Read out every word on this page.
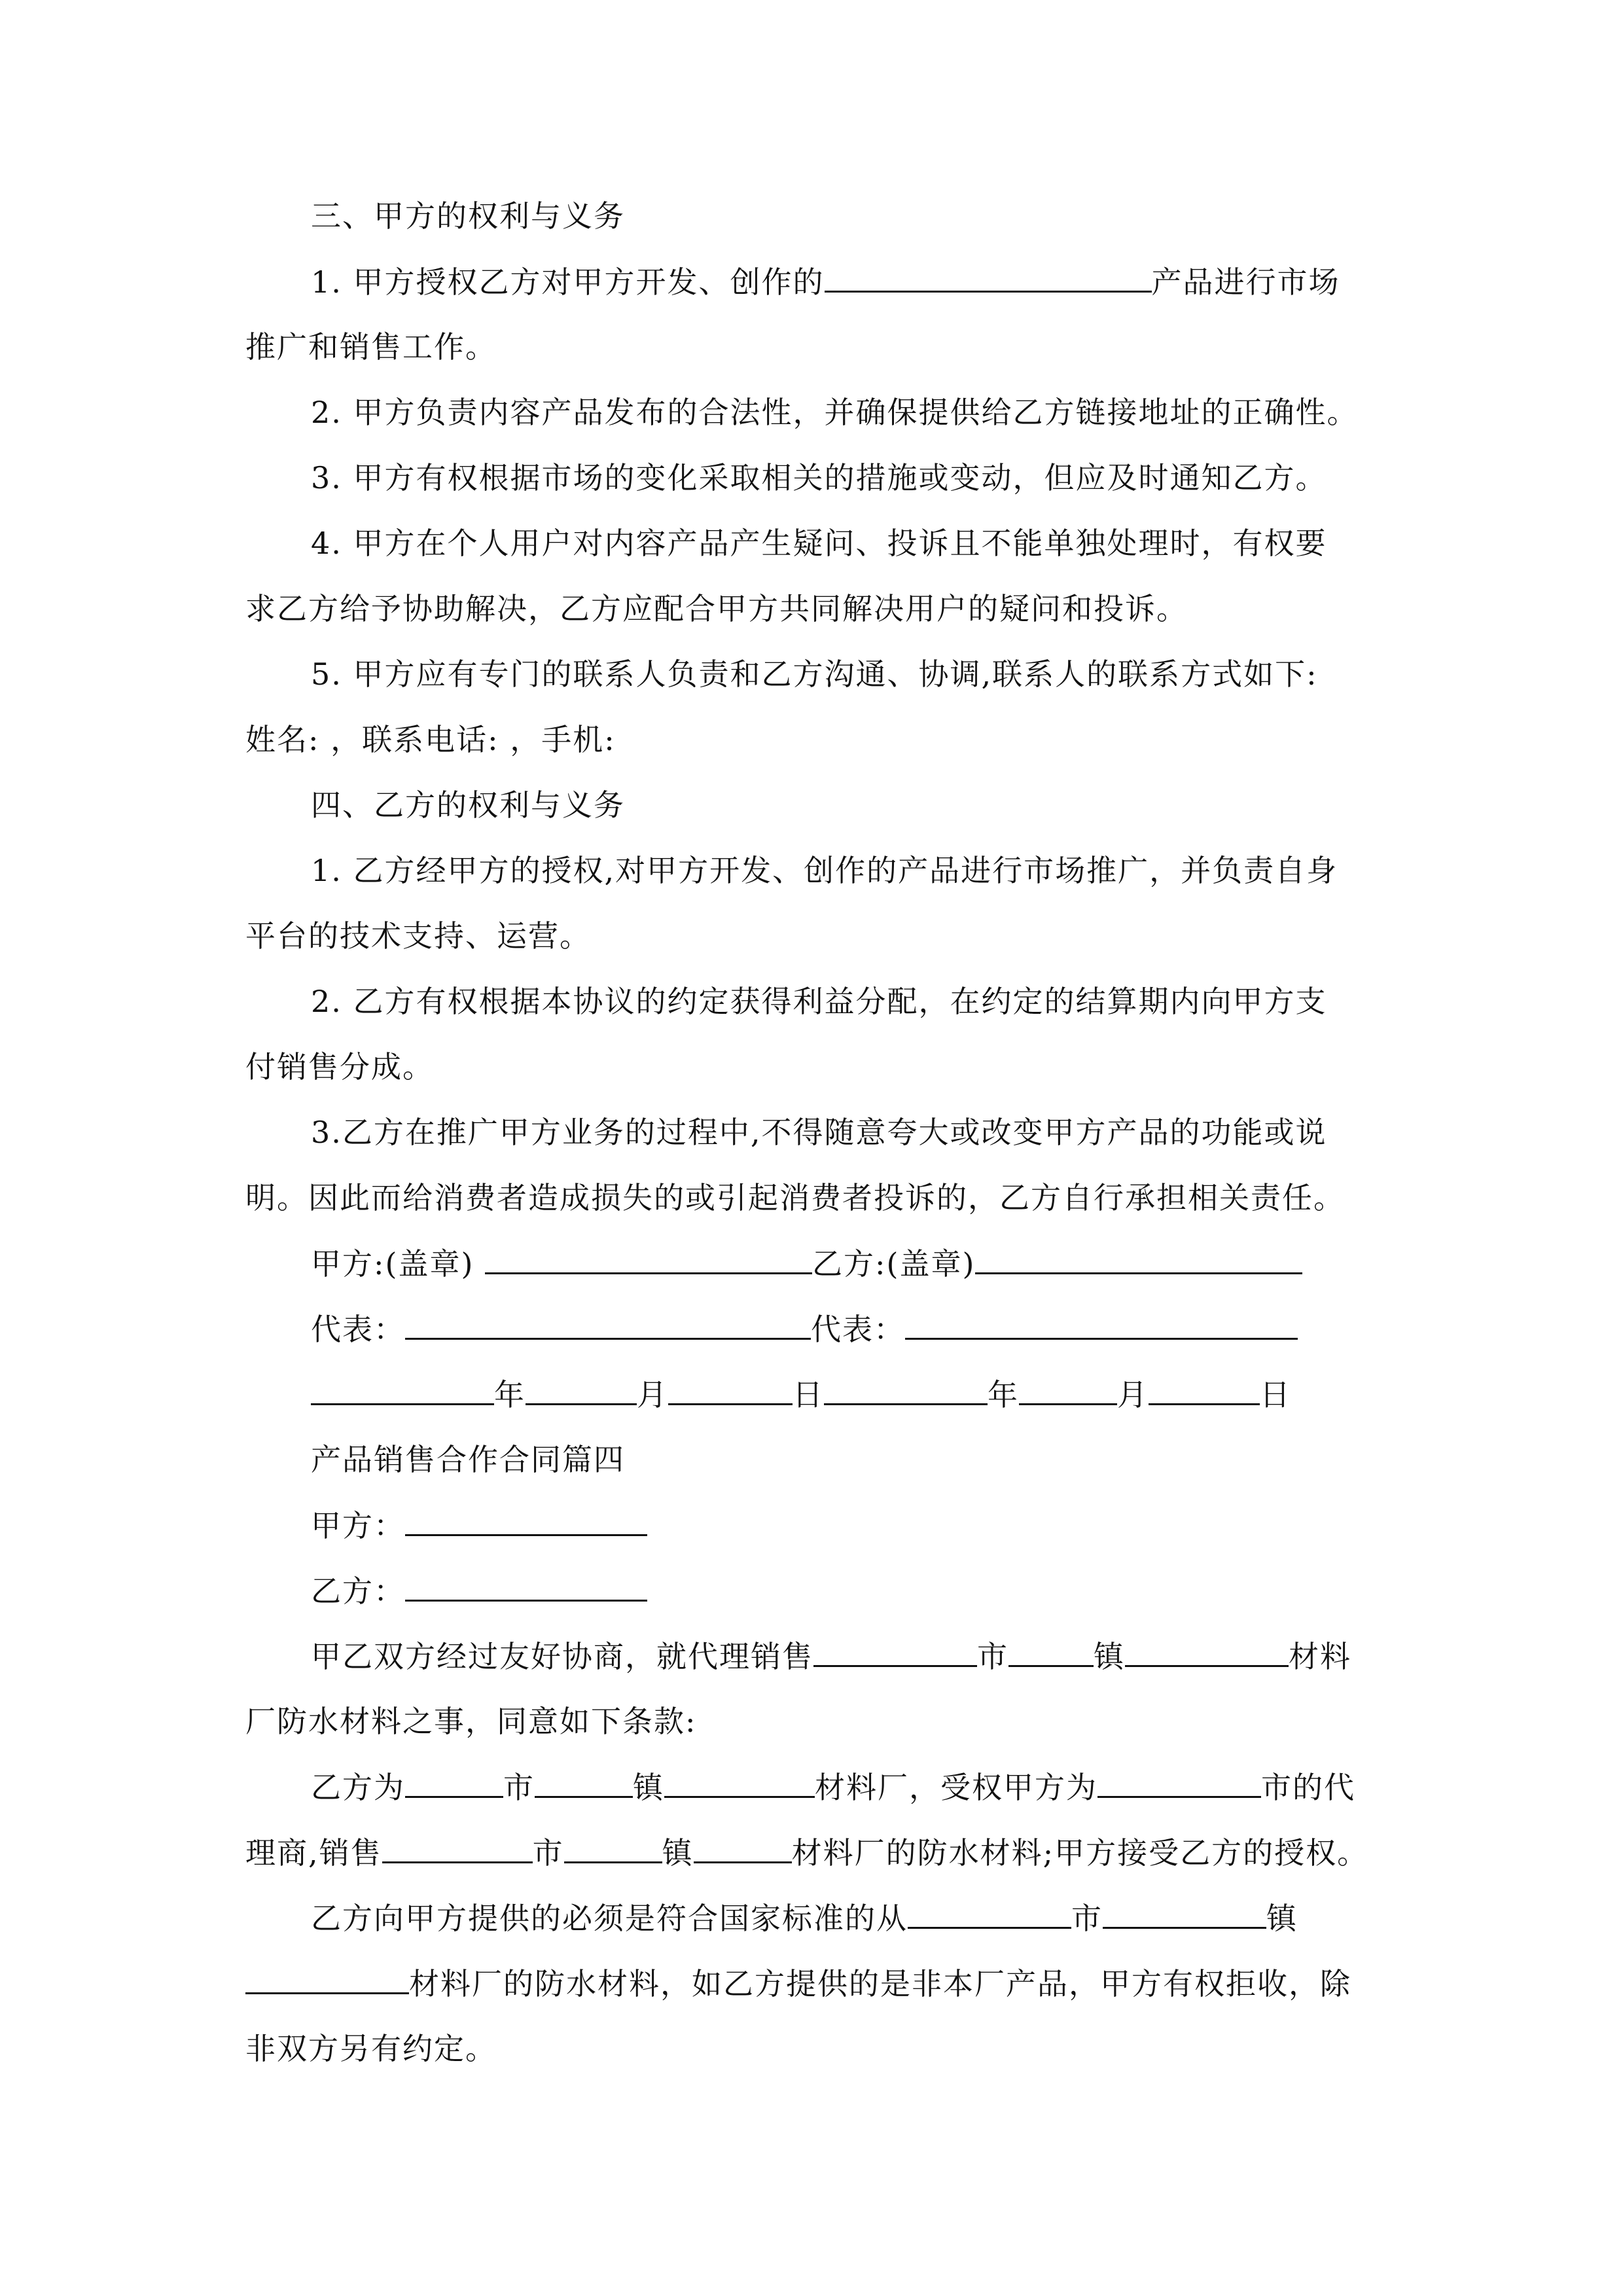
三、甲方的权利与义务
1. 甲方授权乙方对甲方开发、创作的	产品进行市场
推广和销售工作。
2. 甲方负责内容产品发布的合法性，并确保提供给乙方链接地址的正确性。
3. 甲方有权根据市场的变化采取相关的措施或变动，但应及时通知乙方。
4. 甲方在个人用户对内容产品产生疑问、投诉且不能单独处理时，有权要
求乙方给予协助解决，乙方应配合甲方共同解决用户的疑问和投诉。
5. 甲方应有专门的联系人负责和乙方沟通、协调,联系人的联系方式如下:
姓名: ，联系电话: ，手机:
四、乙方的权利与义务
1. 乙方经甲方的授权,对甲方开发、创作的产品进行市场推广，并负责自身
平台的技术支持、运营。
2. 乙方有权根据本协议的约定获得利益分配，在约定的结算期内向甲方支
付销售分成。
3.乙方在推广甲方业务的过程中,不得随意夸大或改变甲方产品的功能或说
明。因此而给消费者造成损失的或引起消费者投诉的，乙方自行承担相关责任。
甲方:(盖章)	乙方:(盖章)
代表：	代表：
年	月	日	年	月	日
产品销售合作合同篇四
甲方：
乙方：
甲乙双方经过友好协商，就代理销售	市	镇	材料
厂防水材料之事，同意如下条款:
乙方为	市	镇	材料厂，受权甲方为	市的代
理商,销售	市	镇	材料厂的防水材料;甲方接受乙方的授权。
乙方向甲方提供的必须是符合国家标准的从	市	镇
材料厂的防水材料，如乙方提供的是非本厂产品，甲方有权拒收，除
非双方另有约定。
